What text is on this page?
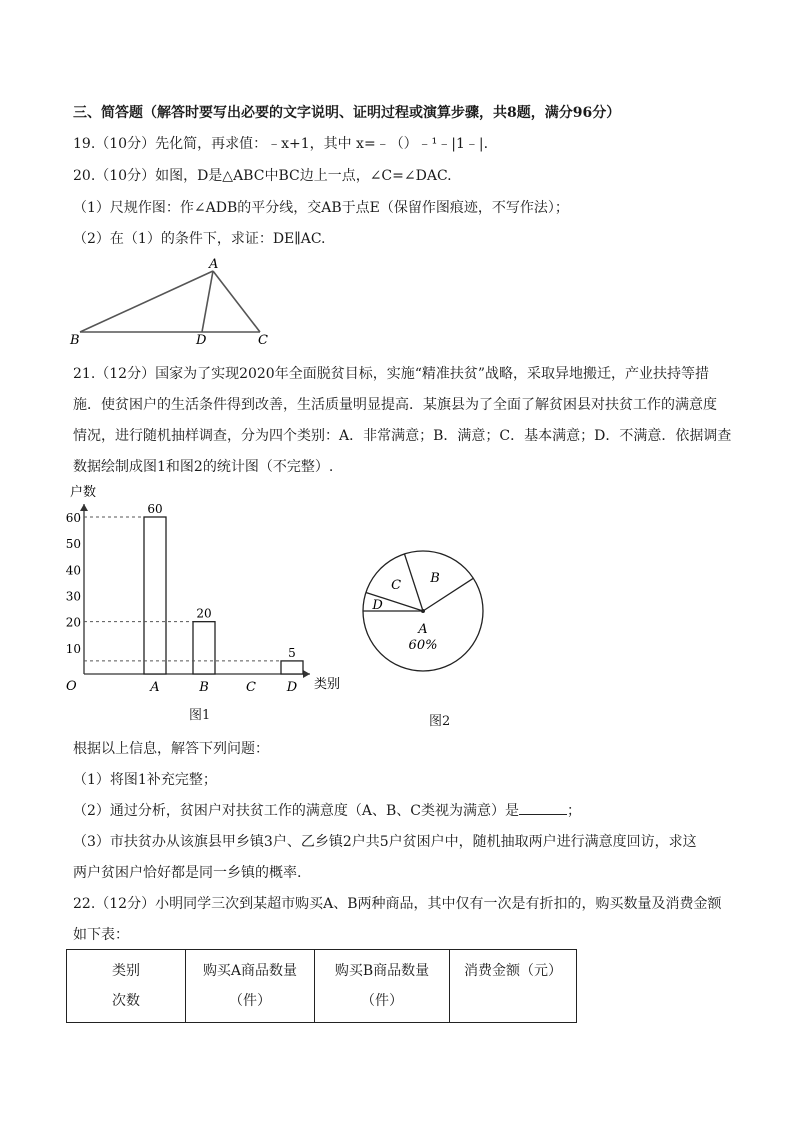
三、简答题（解答时要写出必要的文字说明、证明过程或演算步骤，共8题，满分96分）
19.（10分）先化简，再求值：﹣x+1，其中 x=﹣（）﹣¹﹣|1﹣|.
20.（10分）如图，D是△ABC中BC边上一点，∠C=∠DAC.
（1）尺规作图：作∠ADB的平分线，交AB于点E（保留作图痕迹，不写作法）；
（2）在（1）的条件下，求证：DE∥AC.
A
B	D	C
21.（12分）国家为了实现2020年全面脱贫目标，实施“精准扶贫”战略，采取异地搬迁，产业扶持等措
施．使贫困户的生活条件得到改善，生活质量明显提高．某旗县为了全面了解贫困县对扶贫工作的满意度
情况，进行随机抽样调查，分为四个类别：A．非常满意；B．满意；C．基本满意；D．不满意．依据调查
数据绘制成图1和图2的统计图（不完整）.
户数
类别
O
10
20
30
40
50
60
A
60
B
20
C D
5
图1
B
C
D
A
60%
图2
根据以上信息，解答下列问题：
（1）将图1补充完整；
（2）通过分析，贫困户对扶贫工作的满意度（A、B、C类视为满意）是	；
（3）市扶贫办从该旗县甲乡镇3户、乙乡镇2户共5户贫困户中，随机抽取两户进行满意度回访，求这
两户贫困户恰好都是同一乡镇的概率.
22.（12分）小明同学三次到某超市购买A、B两种商品，其中仅有一次是有折扣的，购买数量及消费金额
如下表：
类别
次数

购买A商品数量
（件）

购买B商品数量
（件）

消费金额（元）
